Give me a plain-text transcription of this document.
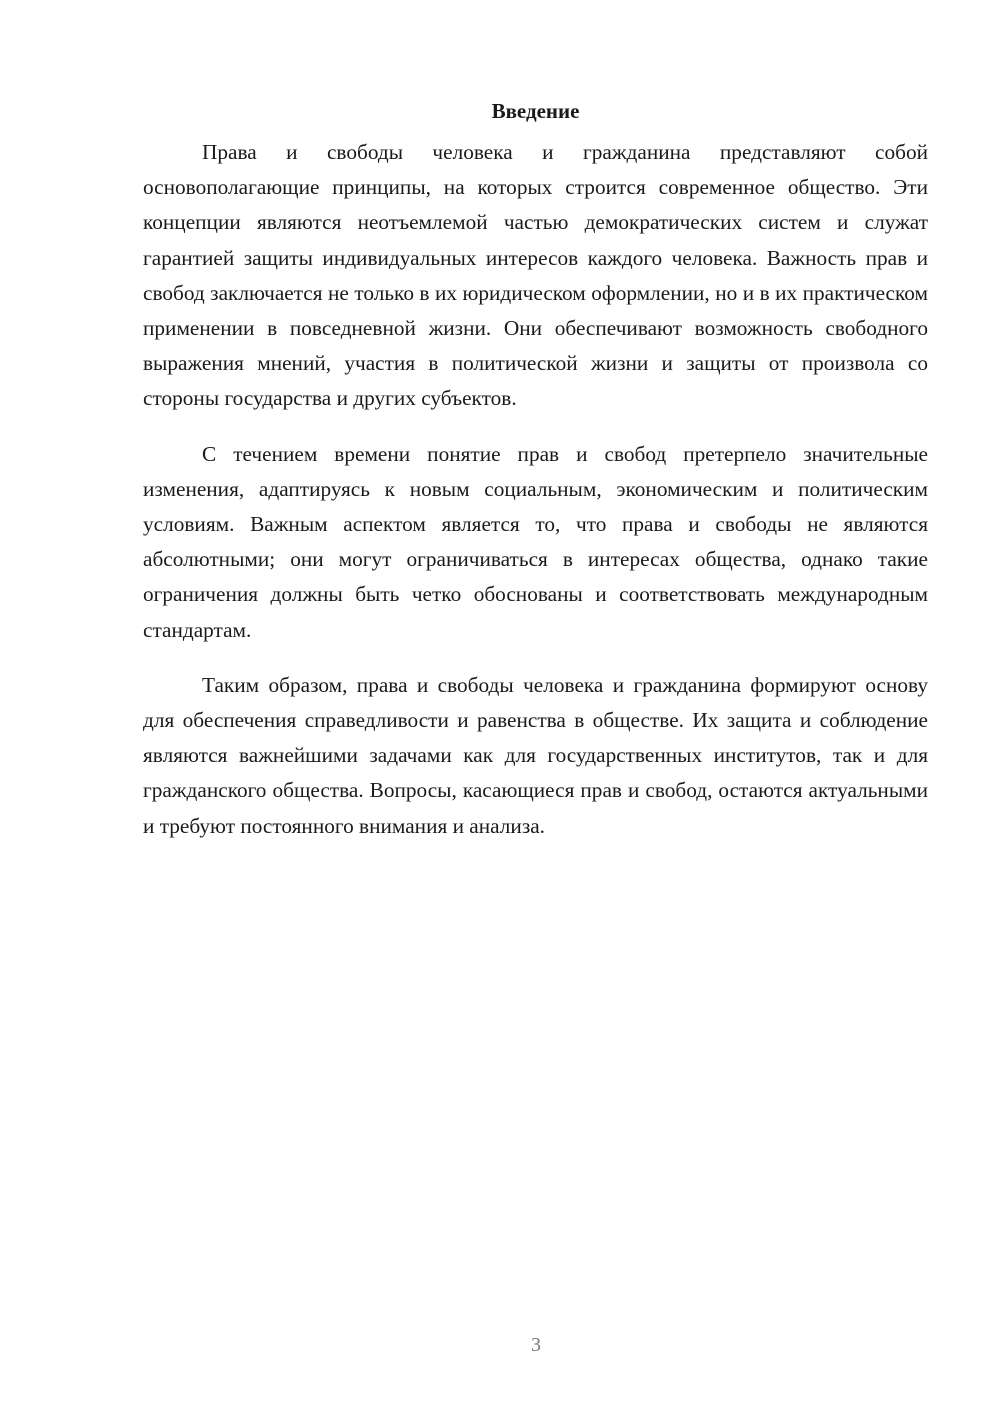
Введение

Права и свободы человека и гражданина представляют собой основополагающие принципы, на которых строится современное общество. Эти концепции являются неотъемлемой частью демократических систем и служат гарантией защиты индивидуальных интересов каждого человека. Важность прав и свобод заключается не только в их юридическом оформлении, но и в их практическом применении в повседневной жизни. Они обеспечивают возможность свободного выражения мнений, участия в политической жизни и защиты от произвола со стороны государства и других субъектов.

С течением времени понятие прав и свобод претерпело значительные изменения, адаптируясь к новым социальным, экономическим и политическим условиям. Важным аспектом является то, что права и свободы не являются абсолютными; они могут ограничиваться в интересах общества, однако такие ограничения должны быть четко обоснованы и соответствовать международным стандартам.

Таким образом, права и свободы человека и гражданина формируют основу для обеспечения справедливости и равенства в обществе. Их защита и соблюдение являются важнейшими задачами как для государственных институтов, так и для гражданского общества. Вопросы, касающиеся прав и свобод, остаются актуальными и требуют постоянного внимания и анализа.

3
